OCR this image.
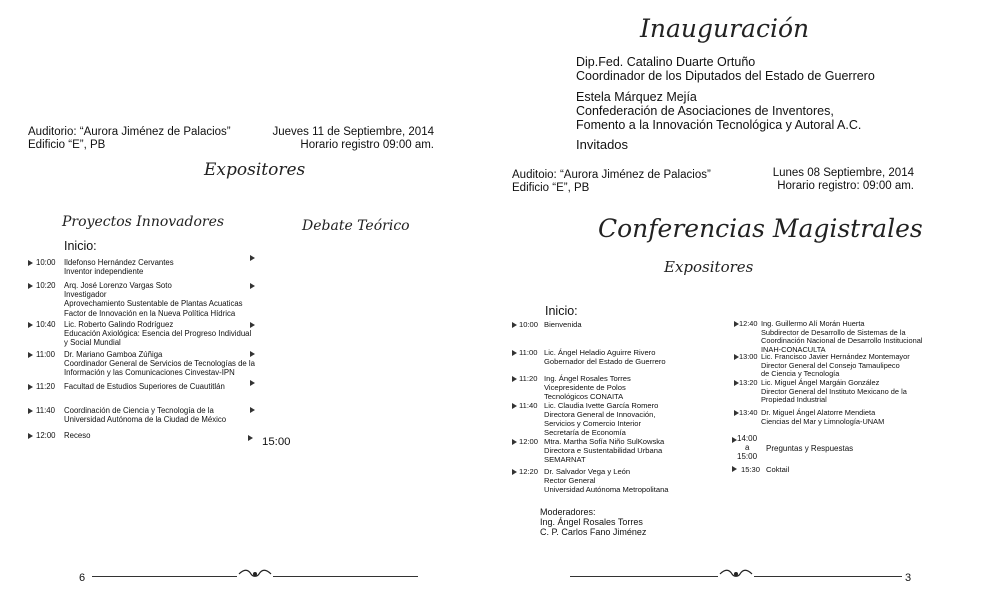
Auditorio: “Aurora Jiménez de Palacios”
Edificio “E”, PB
Jueves 11 de Septiembre, 2014
Horario registro 09:00 am.
Expositores
Proyectos Innovadores	Debate Teórico
Inicio:
10:00 Ildefonso Hernández Cervantes
Inventor independiente
10:20 Arq. José Lorenzo Vargas Soto
Investigador
Aprovechamiento Sustentable de Plantas Acuaticas
Factor de Innovación en la Nueva Política Hídrica
10:40 Lic. Roberto Galindo Rodríguez
Educación Axiológica: Esencia del Progreso Individual
y Social Mundial
11:00 Dr. Mariano Gamboa Zúñiga
Coordinador General de Servicios de Tecnologías de la
Información y las Comunicaciones Cinvestav-IPN
11:20 Facultad de Estudios Superiores de Cuautitlán
11:40 Coordinación de Ciencia y Tecnología de la
Universidad Autónoma de la Ciudad de México
12:00 Receso
15:00
6
Inauguración
Dip.Fed. Catalino Duarte Ortuño
Coordinador de los Diputados del Estado de Guerrero
Estela Márquez Mejía
Confederación de Asociaciones de Inventores,
Fomento a la Innovación Tecnológica y Autoral A.C.
Invitados
Auditoio: “Aurora Jiménez de Palacios”
Edificio “E”, PB
Lunes 08 Septiembre, 2014
Horario registro: 09:00 am.
Conferencias Magistrales
Expositores
Inicio:
10:00 Bienvenida
11:00 Lic. Ángel Heladio Aguirre Rivero
Gobernador del Estado de Guerrero
11:20 Ing. Ángel Rosales Torres
Vicepresidente de Polos
Tecnológicos CONAITA
11:40 Lic. Claudia Ivette García Romero
Directora General de Innovación,
Servicios y Comercio Interior
Secretaría de Economía
12:00 Mtra. Martha Sofía Niño SulKowska
Directora e Sustentabilidad Urbana
SEMARNAT
12:20 Dr. Salvador Vega y León
Rector General
Universidad Autónoma Metropolitana
Moderadores:
Ing. Ángel Rosales Torres
C. P. Carlos Fano Jiménez
12:40 Ing. Guillermo Alí Morán Huerta
Subdirector de Desarrollo de Sistemas de la
Coordinación Nacional de Desarrollo Institucional
INAH-CONACULTA
13:00 Lic. Francisco Javier Hernández Montemayor
Director General del Consejo Tamaulipeco
de Ciencia y Tecnología
13:20 Lic. Miguel Ángel Margáin González
Director General del Instituto Mexicano de la
Propiedad Industrial
13:40 Dr. Miguel Ángel Alatorre Mendieta
Ciencias del Mar y Limnología-UNAM
14:00
a
15:00
Preguntas y Respuestas
15:30 Coktail
3
